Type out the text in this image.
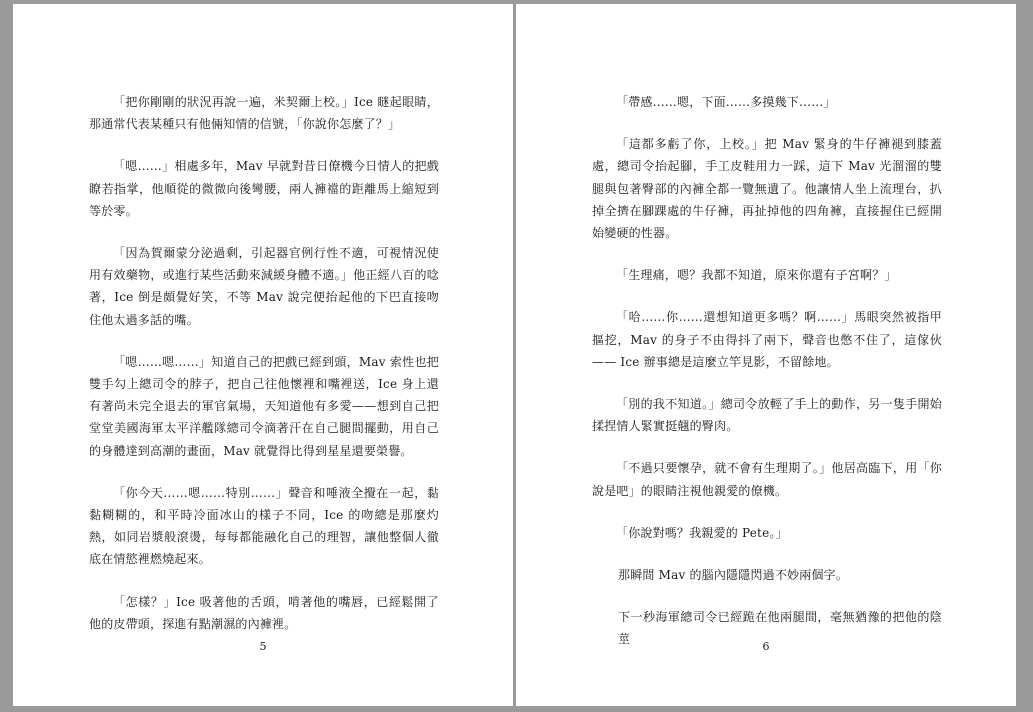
「把你剛剛的狀況再說一遍，米契爾上校。」Ice 瞇起眼睛，那通常代表某種只有他倆知情的信號，「你說你怎麼了？」

「嗯……」相處多年，Mav 早就對昔日僚機今日情人的把戲瞭若指掌，他順從的微微向後彎腰，兩人褲襠的距離馬上縮短到等於零。

「因為賀爾蒙分泌過剩，引起器官例行性不適，可視情況使用有效藥物，或進行某些活動來減緩身體不適。」他正經八百的唸著，Ice 倒是頗覺好笑，不等 Mav 說完便抬起他的下巴直接吻住他太過多話的嘴。

「嗯……嗯……」知道自己的把戲已經到頭，Mav 索性也把雙手勾上總司令的脖子，把自己往他懷裡和嘴裡送，Ice 身上還有著尚未完全退去的軍官氣場，天知道他有多愛——想到自己把堂堂美國海軍太平洋艦隊總司令滴著汗在自己腿間擺動，用自己的身體達到高潮的畫面，Mav 就覺得比得到星星還要榮譽。

「你今天……嗯……特別……」聲音和唾液全攪在一起，黏黏糊糊的，和平時冷面冰山的樣子不同，Ice 的吻總是那麼灼熱，如同岩漿般滾燙，每每都能融化自己的理智，讓他整個人徹底在情慾裡燃燒起來。

「怎樣？」Ice 吸著他的舌頭，啃著他的嘴唇，已經鬆開了他的皮帶頭，探進有點潮濕的內褲裡。

5

「帶感……嗯，下面……多摸幾下……」

「這都多虧了你，上校。」把 Mav 緊身的牛仔褲褪到膝蓋處，總司令抬起腳，手工皮鞋用力一踩，這下 Mav 光溜溜的雙腿與包著臀部的內褲全都一覽無遺了。他讓情人坐上流理台，扒掉全擠在腳踝處的牛仔褲，再扯掉他的四角褲，直接握住已經開始變硬的性器。

「生理痛，嗯？我都不知道，原來你還有子宮啊？」

「哈……你……還想知道更多嗎？啊……」馬眼突然被指甲摳挖，Mav 的身子不由得抖了兩下，聲音也憋不住了，這傢伙—— Ice 辦事總是這麼立竿見影，不留餘地。

「別的我不知道。」總司令放輕了手上的動作，另一隻手開始揉捏情人緊實挺翹的臀肉。

「不過只要懷孕，就不會有生理期了。」他居高臨下，用「你說是吧」的眼睛注視他親愛的僚機。

「你說對嗎？我親愛的 Pete。」

那瞬間 Mav 的腦內隱隱閃過不妙兩個字。

下一秒海軍總司令已經跪在他兩腿間，毫無猶豫的把他的陰莖

6
